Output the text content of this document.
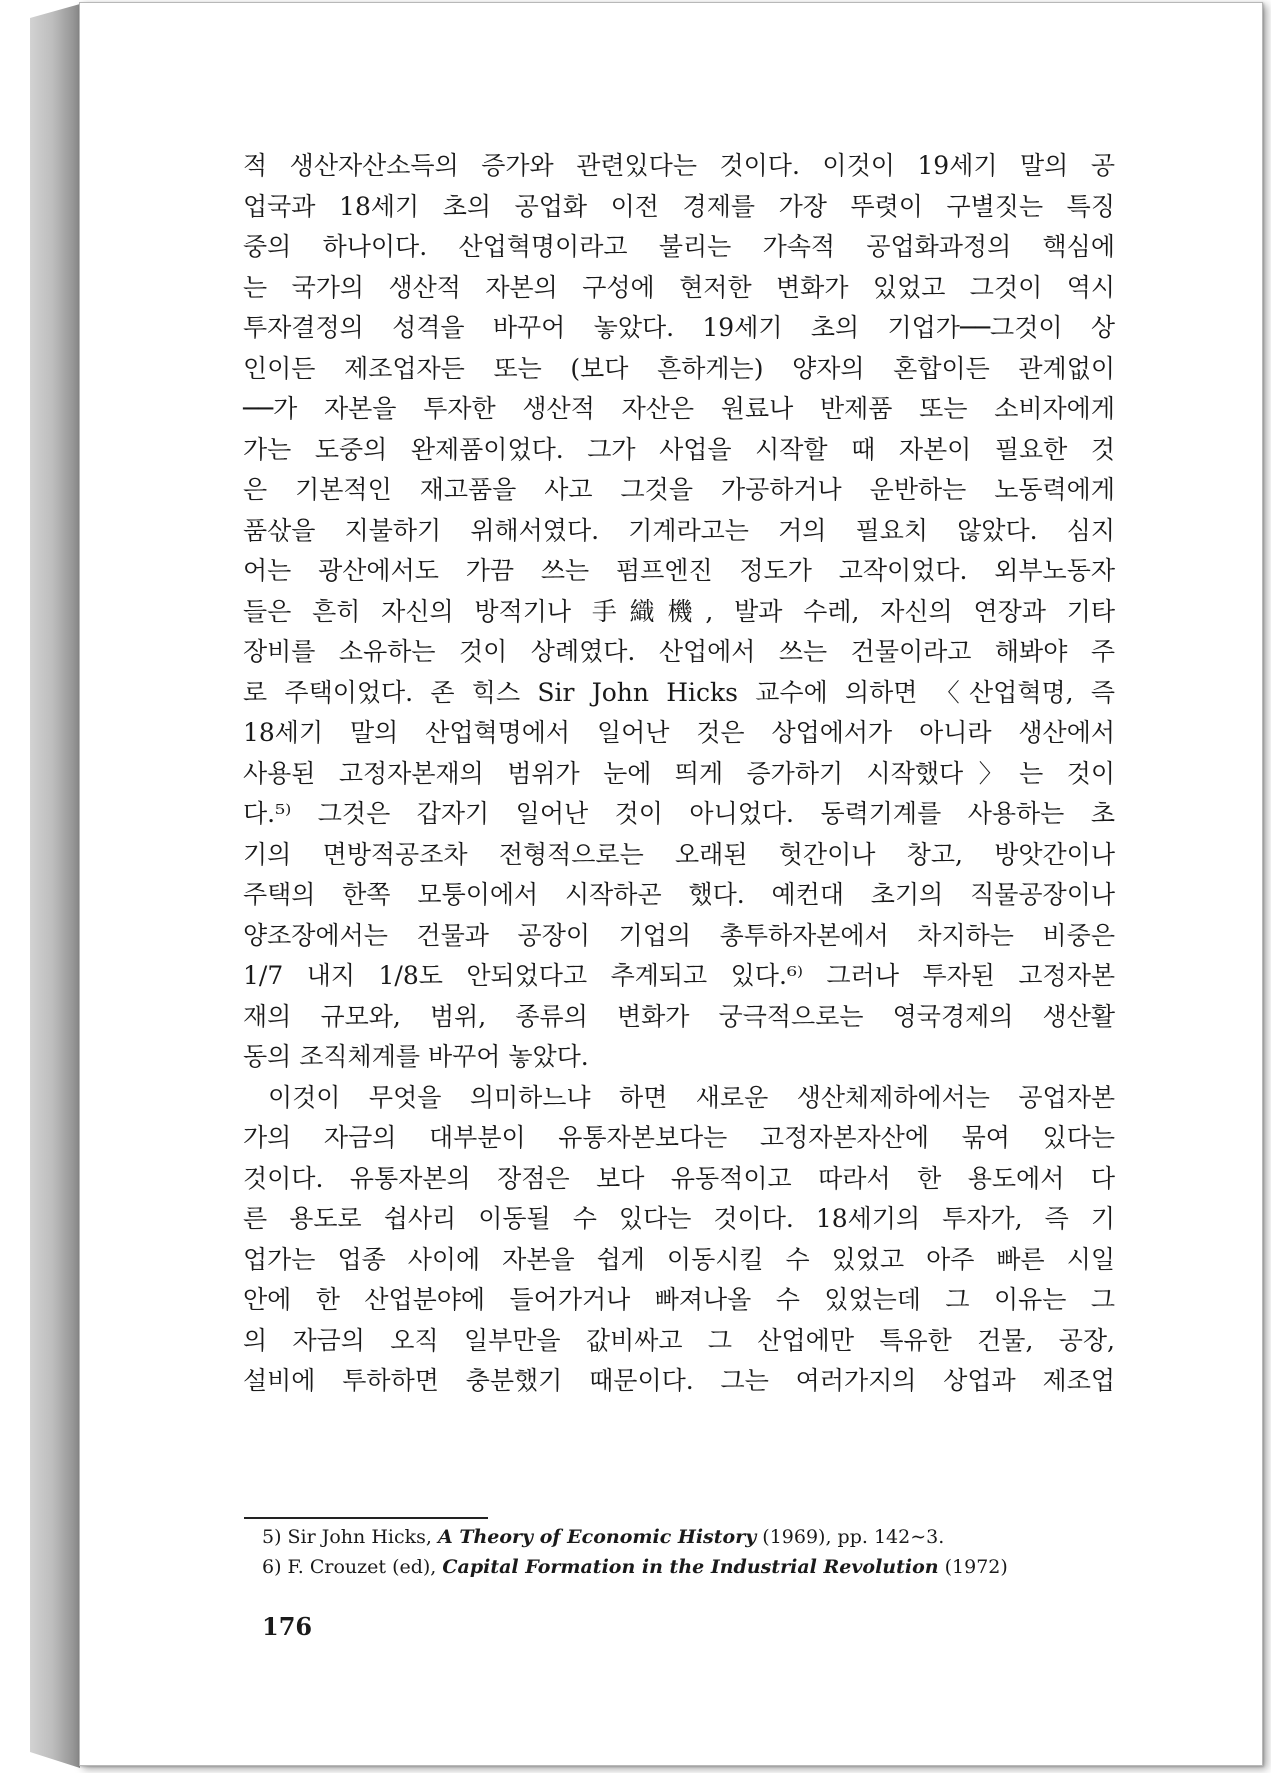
적 생산자산소득의 증가와 관련있다는 것이다. 이것이 19세기 말의 공
업국과 18세기 초의 공업화 이전 경제를 가장 뚜렷이 구별짓는 특징
중의 하나이다. 산업혁명이라고 불리는 가속적 공업화과정의 핵심에
는 국가의 생산적 자본의 구성에 현저한 변화가 있었고 그것이 역시
투자결정의 성격을 바꾸어 놓았다. 19세기 초의 기업가──그것이 상
인이든 제조업자든 또는 (보다 흔하게는) 양자의 혼합이든 관계없이
──가 자본을 투자한 생산적 자산은 원료나 반제품 또는 소비자에게
가는 도중의 완제품이었다. 그가 사업을 시작할 때 자본이 필요한 것
은 기본적인 재고품을 사고 그것을 가공하거나 운반하는 노동력에게
품삯을 지불하기 위해서였다. 기계라고는 거의 필요치 않았다. 심지
어는 광산에서도 가끔 쓰는 펌프엔진 정도가 고작이었다. 외부노동자
들은 흔히 자신의 방적기나 手織機, 발과 수레, 자신의 연장과 기타
장비를 소유하는 것이 상례였다. 산업에서 쓰는 건물이라고 해봐야 주
로 주택이었다. 존 힉스 Sir John Hicks 교수에 의하면 〈산업혁명, 즉
18세기 말의 산업혁명에서 일어난 것은 상업에서가 아니라 생산에서
사용된 고정자본재의 범위가 눈에 띄게 증가하기 시작했다〉는 것이
다.⁵⁾ 그것은 갑자기 일어난 것이 아니었다. 동력기계를 사용하는 초
기의 면방적공조차 전형적으로는 오래된 헛간이나 창고, 방앗간이나
주택의 한쪽 모퉁이에서 시작하곤 했다. 예컨대 초기의 직물공장이나
양조장에서는 건물과 공장이 기업의 총투하자본에서 차지하는 비중은
1/7 내지 1/8도 안되었다고 추계되고 있다.⁶⁾ 그러나 투자된 고정자본
재의 규모와, 범위, 종류의 변화가 궁극적으로는 영국경제의 생산활
동의 조직체계를 바꾸어 놓았다.
이것이 무엇을 의미하느냐 하면 새로운 생산체제하에서는 공업자본
가의 자금의 대부분이 유통자본보다는 고정자본자산에 묶여 있다는
것이다. 유통자본의 장점은 보다 유동적이고 따라서 한 용도에서 다
른 용도로 쉽사리 이동될 수 있다는 것이다. 18세기의 투자가, 즉 기
업가는 업종 사이에 자본을 쉽게 이동시킬 수 있었고 아주 빠른 시일
안에 한 산업분야에 들어가거나 빠져나올 수 있었는데 그 이유는 그
의 자금의 오직 일부만을 값비싸고 그 산업에만 특유한 건물, 공장,
설비에 투하하면 충분했기 때문이다. 그는 여러가지의 상업과 제조업
5) Sir John Hicks, A Theory of Economic History (1969), pp. 142∼3.
6) F. Crouzet (ed), Capital Formation in the Industrial Revolution (1972)
176
